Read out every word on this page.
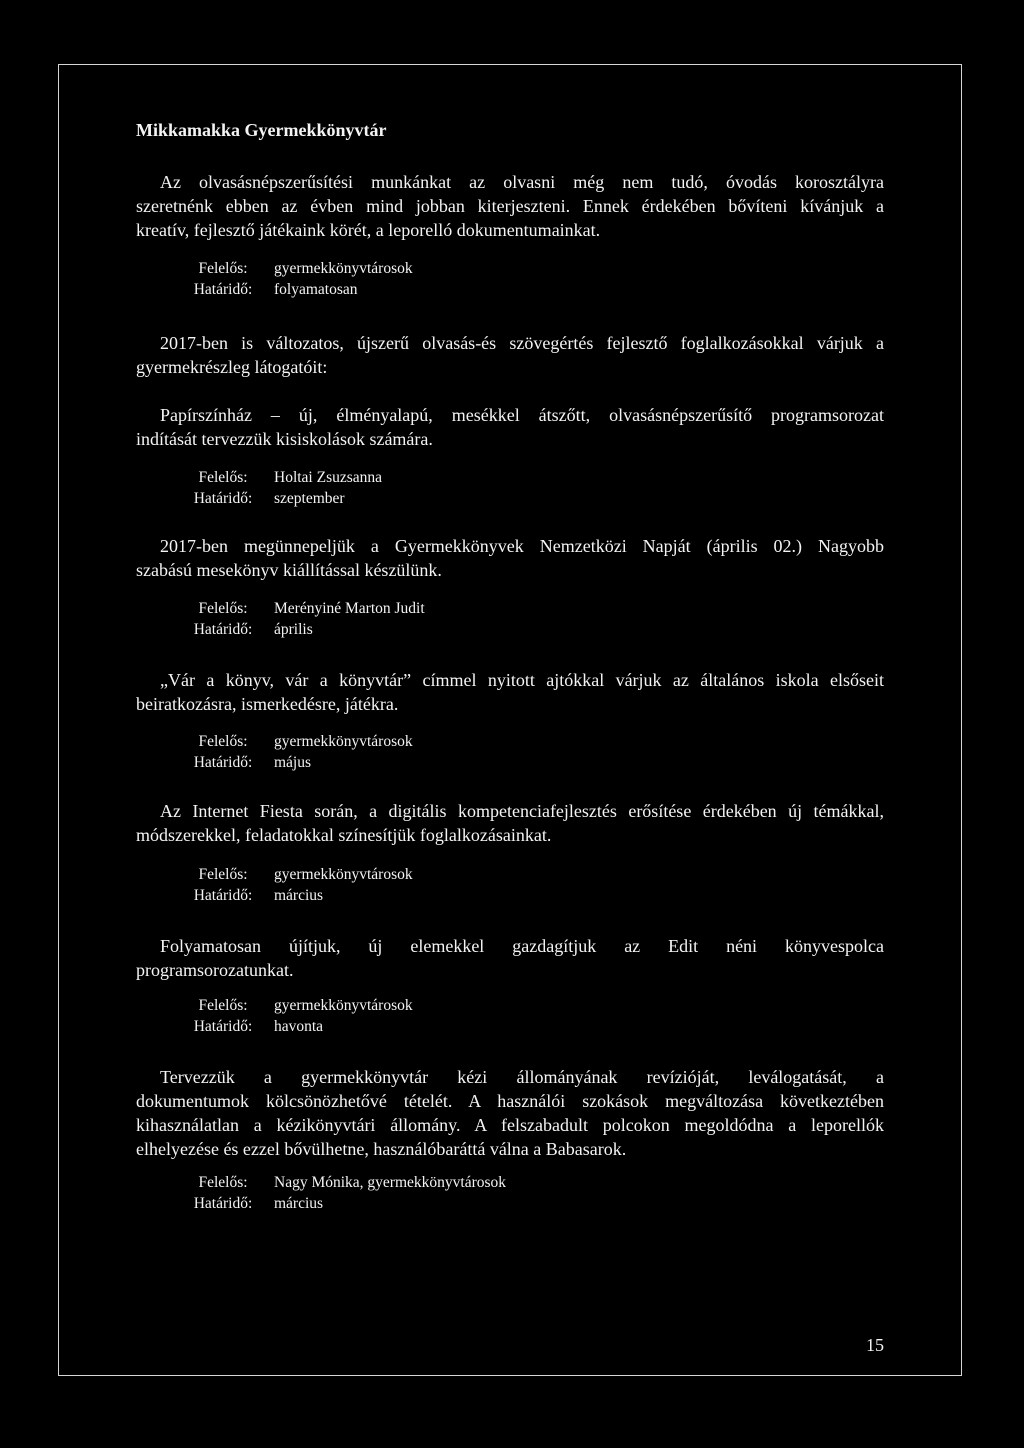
Mikkamakka Gyermekkönyvtár
Az olvasásnépszerűsítési munkánkat az olvasni még nem tudó, óvodás korosztályra
szeretnénk ebben az évben mind jobban kiterjeszteni. Ennek érdekében bővíteni kívánjuk a
kreatív, fejlesztő játékaink körét, a leporelló dokumentumainkat.
Felelős:	gyermekkönyvtárosok
Határidő:	folyamatosan
2017-ben is változatos, újszerű olvasás-és szövegértés fejlesztő foglalkozásokkal várjuk a
gyermekrészleg látogatóit:
Papírszínház – új, élményalapú, mesékkel átszőtt, olvasásnépszerűsítő programsorozat
indítását tervezzük kisiskolások számára.
Felelős:	Holtai Zsuzsanna
Határidő:	szeptember
2017-ben megünnepeljük a Gyermekkönyvek Nemzetközi Napját (április 02.) Nagyobb
szabású mesekönyv kiállítással készülünk.
Felelős:	Merényiné Marton Judit
Határidő:	április
„Vár a könyv, vár a könyvtár” címmel nyitott ajtókkal várjuk az általános iskola elsőseit
beiratkozásra, ismerkedésre, játékra.
Felelős:	gyermekkönyvtárosok
Határidő:	május
Az Internet Fiesta során, a digitális kompetenciafejlesztés erősítése érdekében új témákkal,
módszerekkel, feladatokkal színesítjük foglalkozásainkat.
Felelős:	gyermekkönyvtárosok
Határidő:	március
Folyamatosan újítjuk, új elemekkel gazdagítjuk az Edit néni könyvespolca
programsorozatunkat.
Felelős:	gyermekkönyvtárosok
Határidő:	havonta
Tervezzük a gyermekkönyvtár kézi állományának revízióját, leválogatását, a
dokumentumok kölcsönözhetővé tételét. A használói szokások megváltozása következtében
kihasználatlan a kézikönyvtári állomány. A felszabadult polcokon megoldódna a leporellók
elhelyezése és ezzel bővülhetne, használóbaráttá válna a Babasarok.
Felelős:	Nagy Mónika, gyermekkönyvtárosok
Határidő:	március
15
